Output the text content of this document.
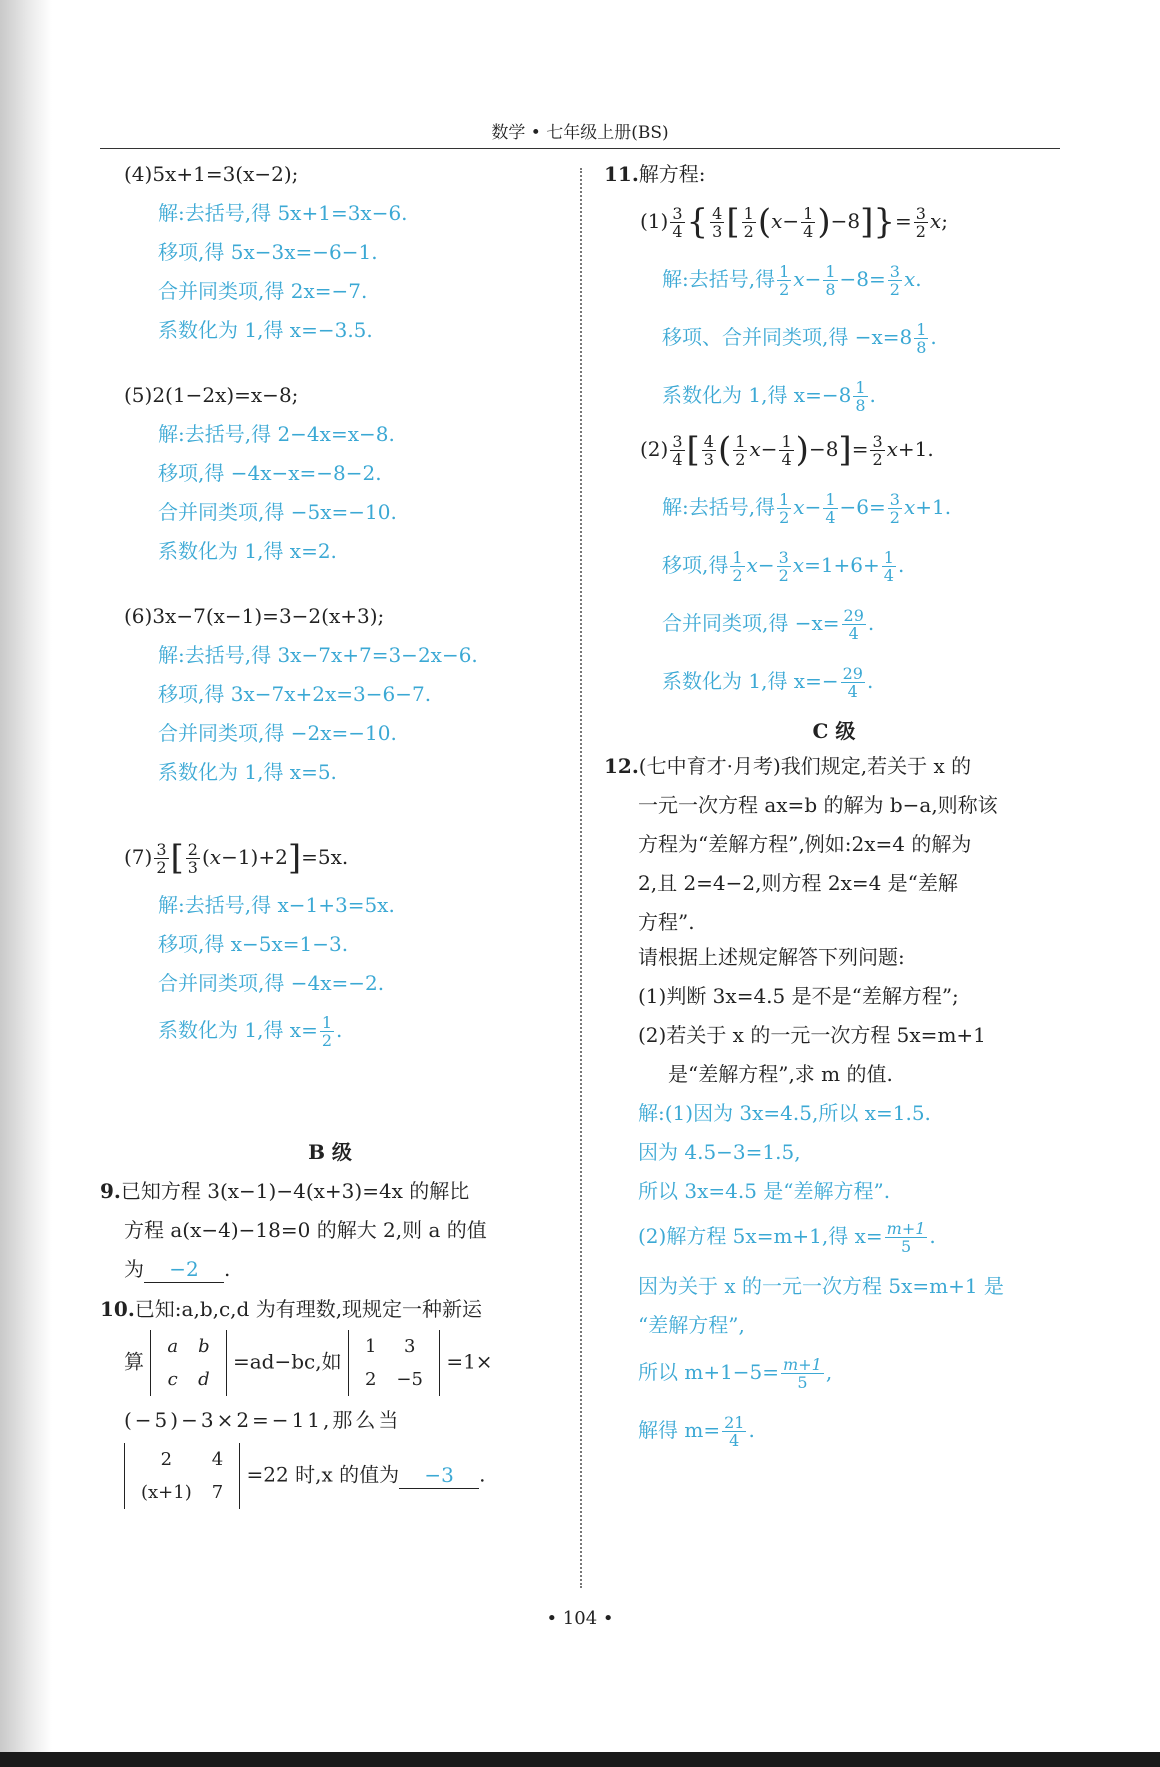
数学 • 七年级上册(BS)
(4)5x+1=3(x−2);
解:去括号,得 5x+1=3x−6.
移项,得 5x−3x=−6−1.
合并同类项,得 2x=−7.
系数化为 1,得 x=−3.5.
(5)2(1−2x)=x−8;
解:去括号,得 2−4x=x−8.
移项,得 −4x−x=−8−2.
合并同类项,得 −5x=−10.
系数化为 1,得 x=2.
(6)3x−7(x−1)=3−2(x+3);
解:去括号,得 3x−7x+7=3−2x−6.
移项,得 3x−7x+2x=3−6−7.
合并同类项,得 −2x=−10.
系数化为 1,得 x=5.
$(7) \frac{3}{2}$ [ $\frac{2}{3} (x-1)+2]=5x$.
解:去括号,得 x−1+3=5x.
移项,得 x−5x=1−3.
合并同类项,得 −4x=−2.
系数化为 1,得 $x= \frac{1}{2}$ .
B 级
9.已知方程 3(x−1)−4(x+3)=4x 的解比
方程 a(x−4)−18=0 的解大 2,则 a 的值
为 −2 .
10.已知:a,b,c,d 为有理数,现规定一种新运
算
a	b
c	d
=ad−bc,如
1	3
2	−5
=1×
(−5)−3×2=−11,那么当
2	4
(x+1)	7
=22 时,x 的值为 −3 .
11.解方程:
$(1) \frac{3}{4}$ { $\frac{4}{3}$ [ $\frac{1}{2} (x- \frac{1}{4} )-8]\}= \frac{3}{2} x$;
解:去括号,得 $\frac{1}{2} x- \frac{1}{8} -8= \frac{3}{2} x$.
移项、合并同类项,得 $-x=8 \frac{1}{8}$ .
系数化为 1,得 $x=-8 \frac{1}{8}$ .
$(2) \frac{3}{4}$ [ $\frac{4}{3}$ ( $\frac{1}{2} x- \frac{1}{4} )-8]= \frac{3}{2} x+1$.
解:去括号,得 $\frac{1}{2} x- \frac{1}{4} -6= \frac{3}{2} x+1$.
移项,得 $\frac{1}{2} x- \frac{3}{2} x=1+6+ \frac{1}{4}$ .
合并同类项,得 $-x= \frac{29}{4}$ .
系数化为 1,得 $x=- \frac{29}{4}$ .
C 级
12.(七中育才·月考)我们规定,若关于 x 的
一元一次方程 ax=b 的解为 b−a,则称该
方程为“差解方程”,例如:2x=4 的解为
2,且 2=4−2,则方程 2x=4 是“差解
方程”.
请根据上述规定解答下列问题:
(1)判断 3x=4.5 是不是“差解方程”;
(2)若关于 x 的一元一次方程 5x=m+1
是“差解方程”,求 m 的值.
解:(1)因为 3x=4.5,所以 x=1.5.
因为 4.5−3=1.5,
所以 3x=4.5 是“差解方程”.
(2)解方程 5x=m+1,得 $x= \frac{m+1}{5}$ .
因为关于 x 的一元一次方程 5x=m+1 是
“差解方程”,
所以 $m+1-5= \frac{m+1}{5}$ ,
解得 $m= \frac{21}{4}$ .
• 104 •
